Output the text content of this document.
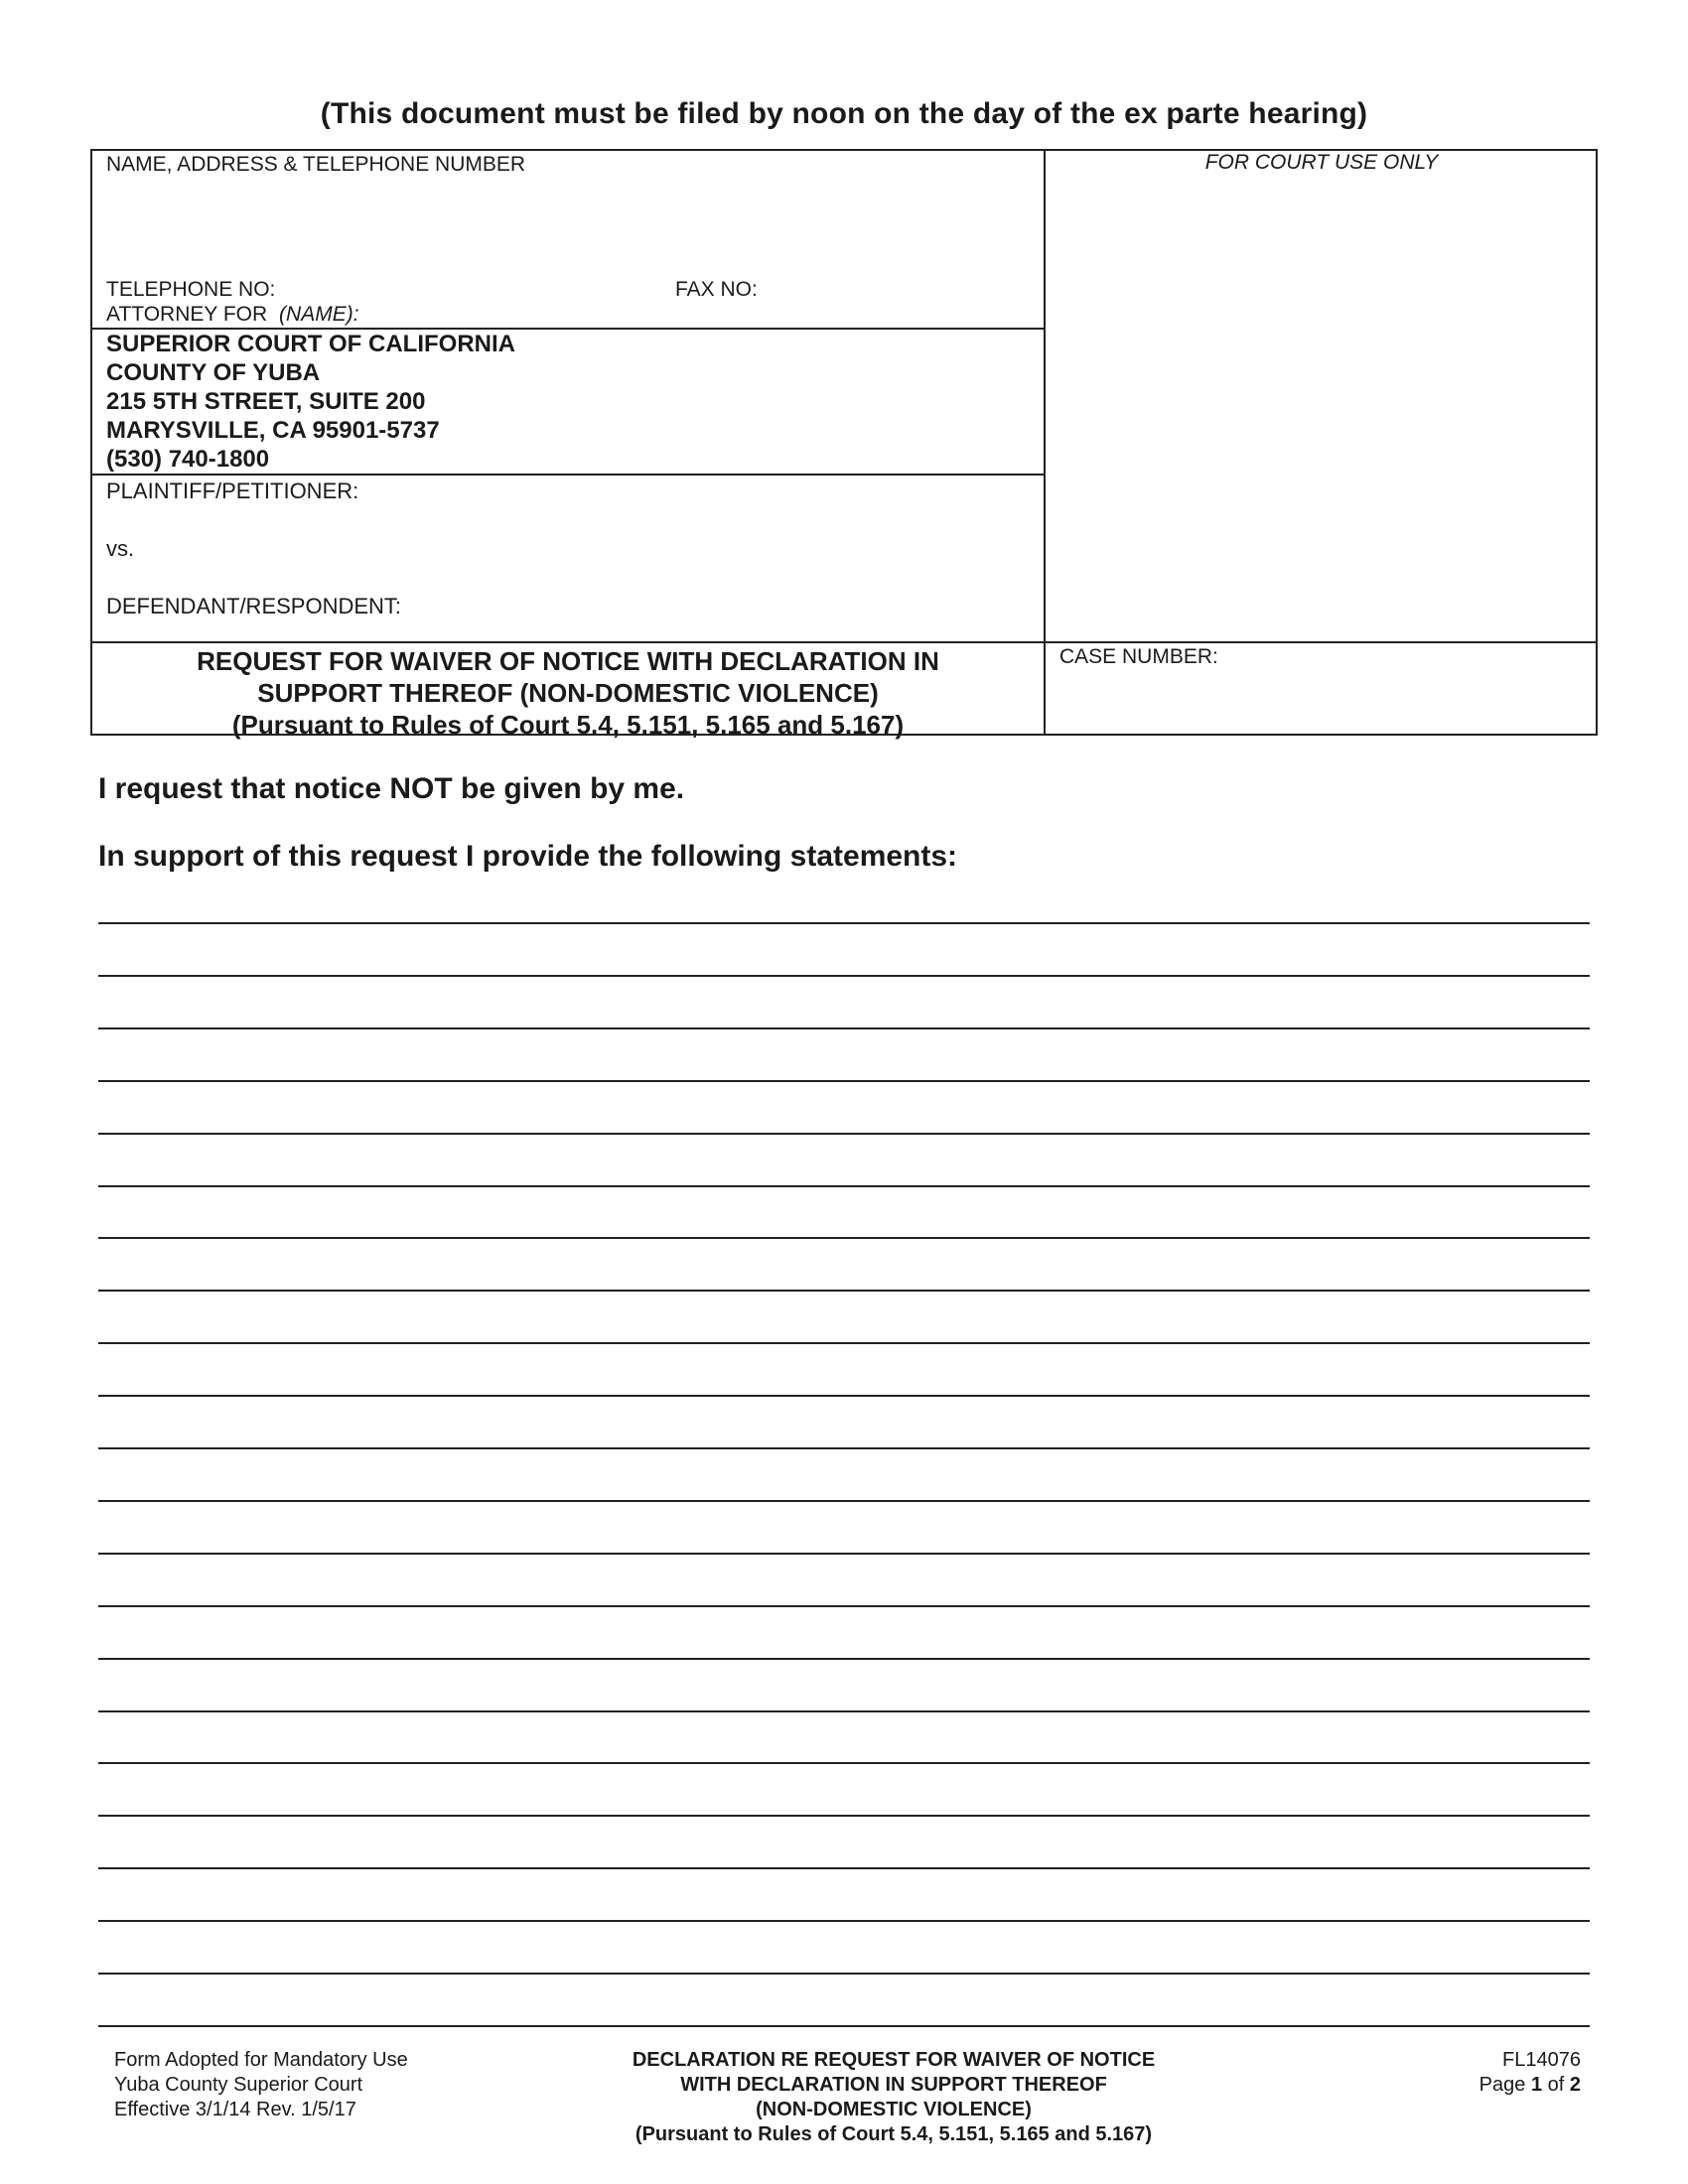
(This document must be filed by noon on the day of the ex parte hearing)
NAME, ADDRESS & TELEPHONE NUMBER
TELEPHONE NO:	FAX NO:
ATTORNEY FOR (NAME):
SUPERIOR COURT OF CALIFORNIA
COUNTY OF YUBA
215 5TH STREET, SUITE 200
MARYSVILLE, CA 95901-5737
(530) 740-1800
PLAINTIFF/PETITIONER:
vs.
DEFENDANT/RESPONDENT:
REQUEST FOR WAIVER OF NOTICE WITH DECLARATION IN
SUPPORT THEREOF (NON-DOMESTIC VIOLENCE)
(Pursuant to Rules of Court 5.4, 5.151, 5.165 and 5.167)
FOR COURT USE ONLY
CASE NUMBER:
I request that notice NOT be given by me.
In support of this request I provide the following statements:
Form Adopted for Mandatory Use
Yuba County Superior Court
Effective 3/1/14 Rev. 1/5/17
DECLARATION RE REQUEST FOR WAIVER OF NOTICE
WITH DECLARATION IN SUPPORT THEREOF
(NON-DOMESTIC VIOLENCE)
(Pursuant to Rules of Court 5.4, 5.151, 5.165 and 5.167)
FL14076
Page 1 of 2
